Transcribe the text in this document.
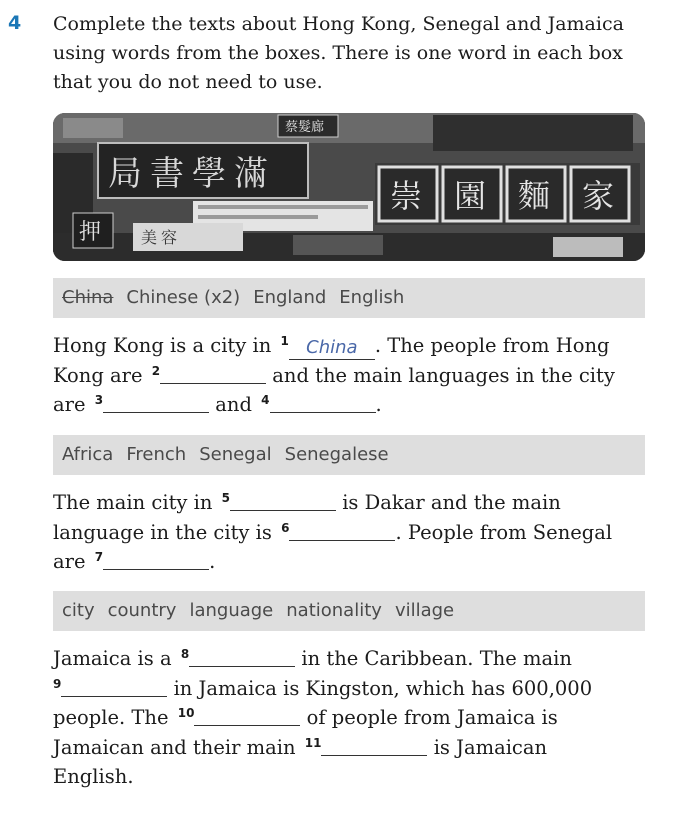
4 Complete the texts about Hong Kong, Senegal and Jamaica
using words from the boxes. There is one word in each box
that you do not need to use.
蔡髮廊
局 書 學 滿
崇 園 麵 家
押 美 容
China Chinese (x2) England English
Hong Kong is a city in $^1$ China . The people from Hong
Kong are $^2$	and the main languages in the city
are $^3$	and $^4$	.
Africa French Senegal Senegalese
The main city in $^5$	is Dakar and the main
language in the city is $^6$	. People from Senegal
are $^7$	.
city country language nationality village
Jamaica is a $^8$	in the Caribbean. The main
$^9$	in Jamaica is Kingston, which has 600,000
people. The $^{10}$	of people from Jamaica is
Jamaican and their main $^{11}$	is Jamaican
English.
